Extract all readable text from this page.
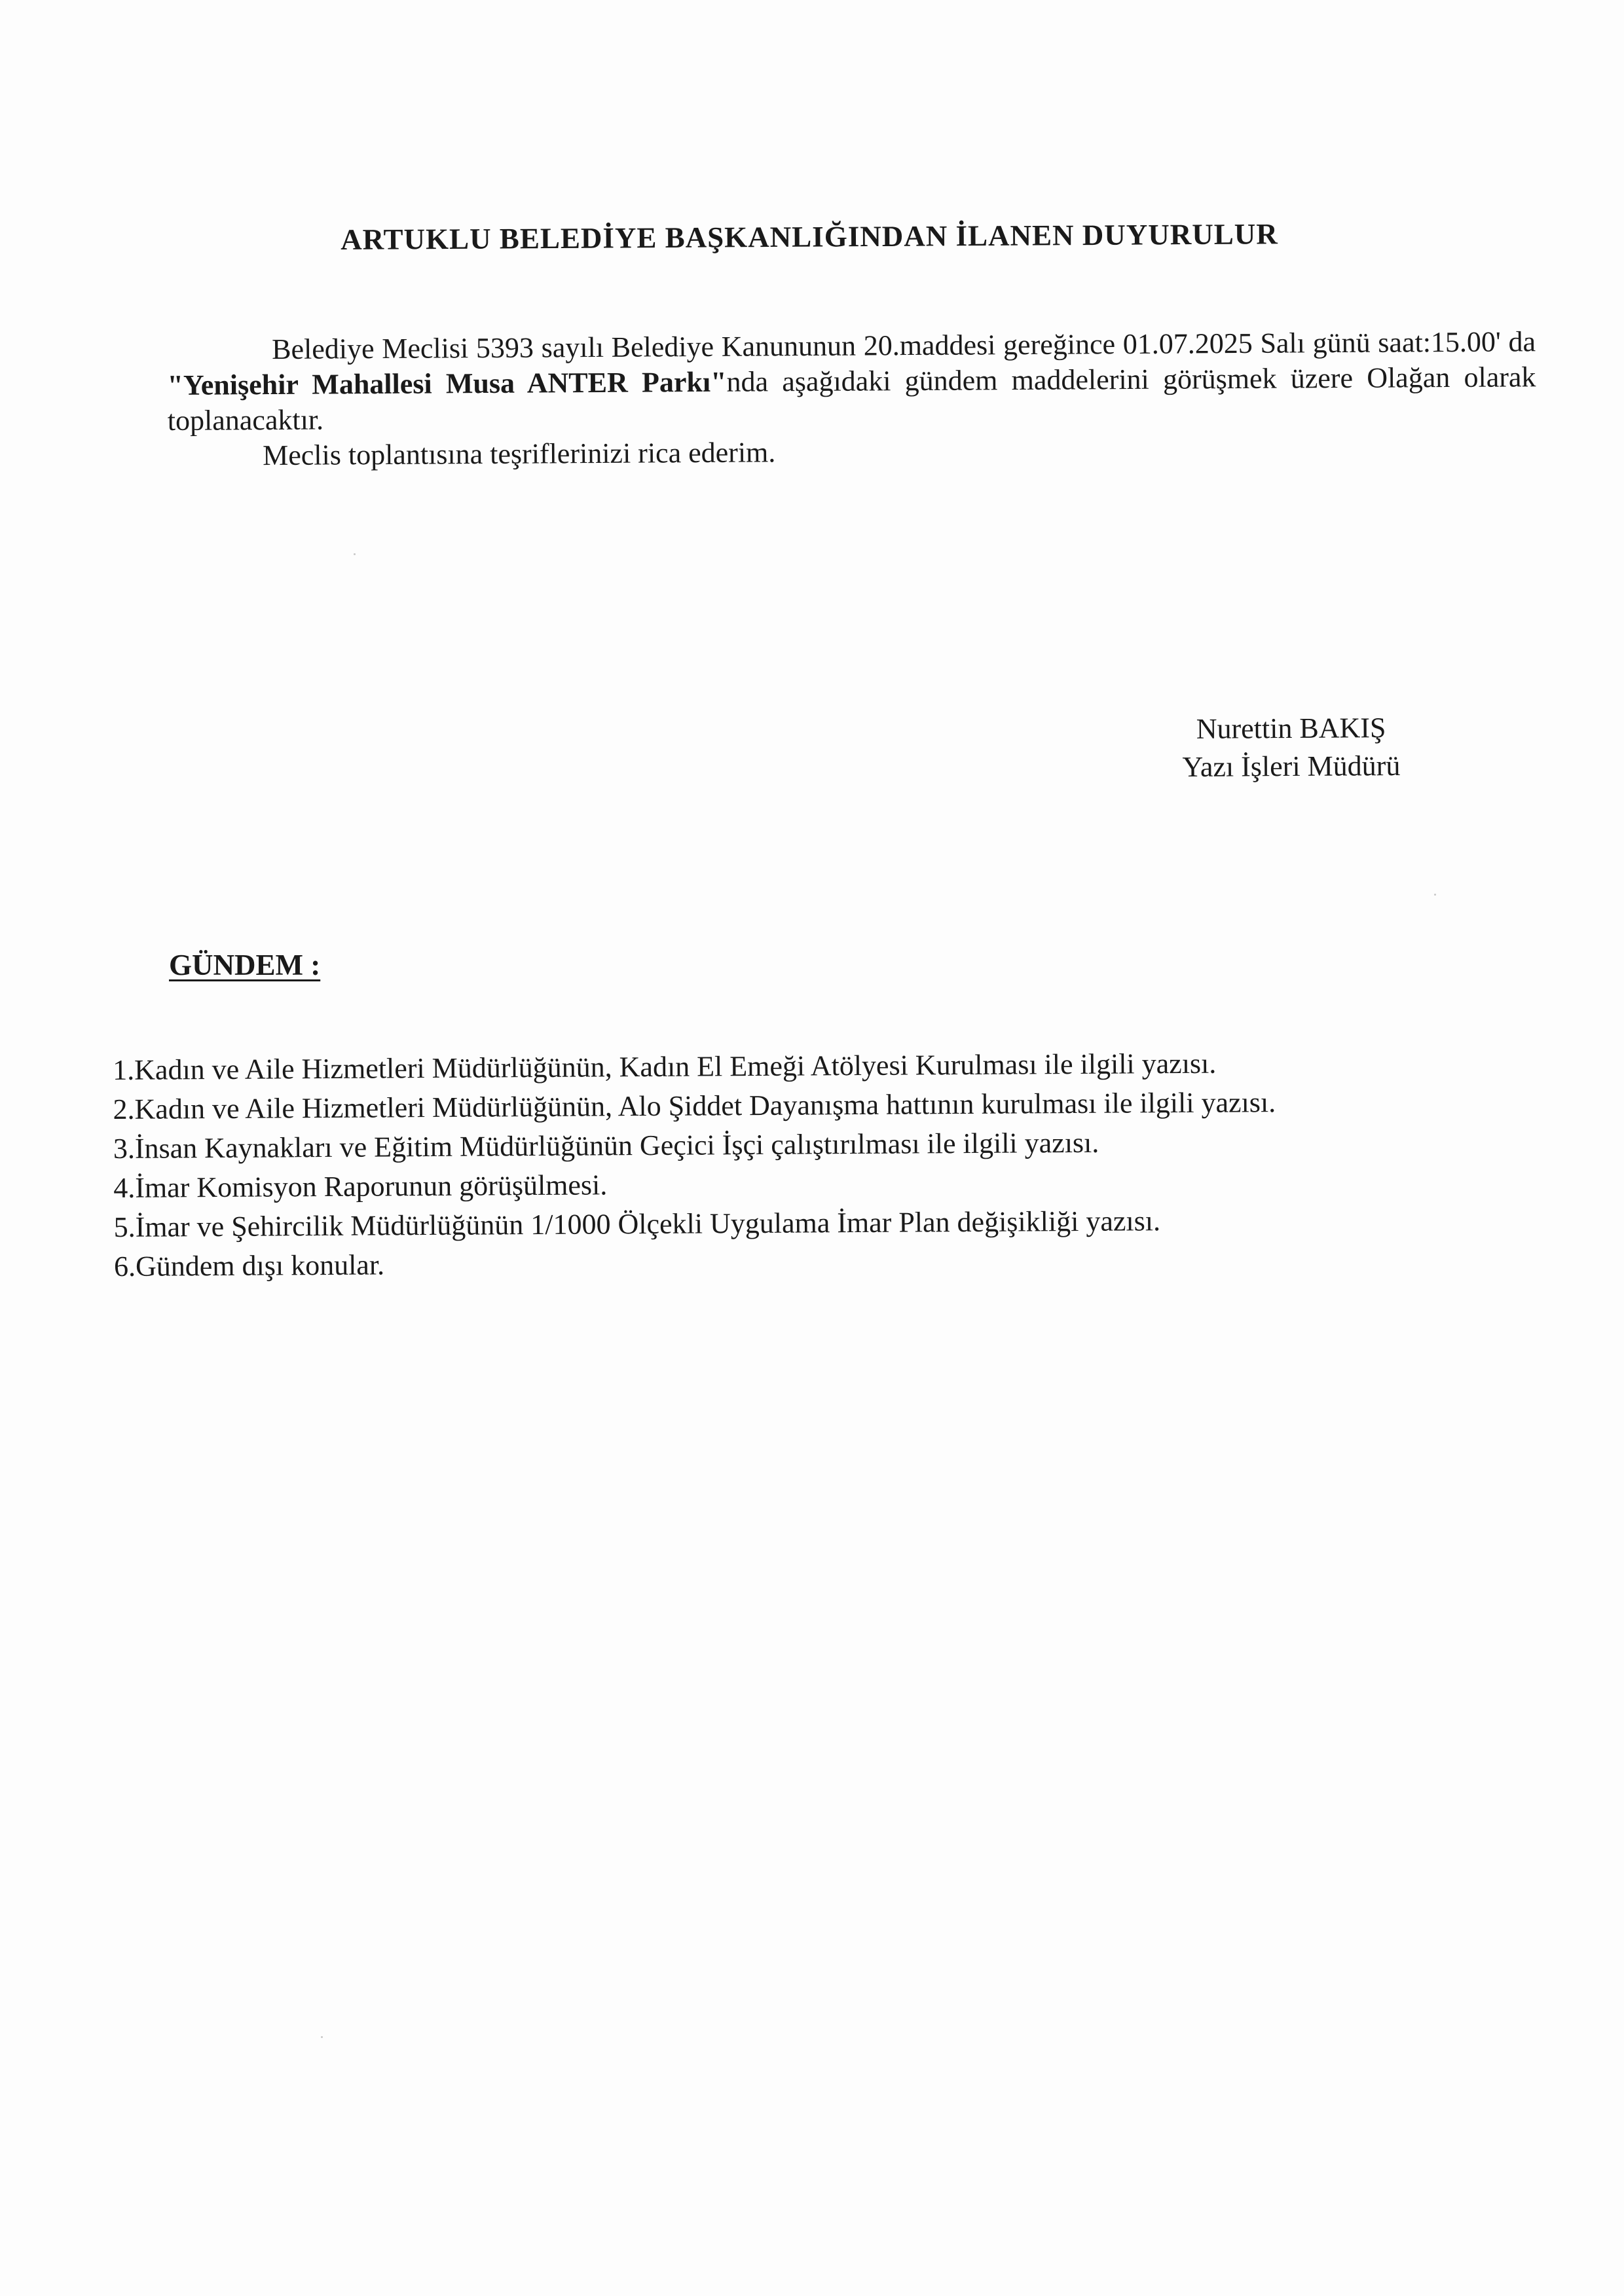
ARTUKLU BELEDİYE BAŞKANLIĞINDAN İLANEN DUYURULUR

Belediye Meclisi 5393 sayılı Belediye Kanununun 20.maddesi gereğince 01.07.2025 Salı günü saat:15.00' da "Yenişehir Mahallesi Musa ANTER Parkı"nda aşağıdaki gündem maddelerini görüşmek üzere Olağan olarak toplanacaktır.

Meclis toplantısına teşriflerinizi rica ederim.

Nurettin BAKIŞ
Yazı İşleri Müdürü
GÜNDEM :
1.Kadın ve Aile Hizmetleri Müdürlüğünün, Kadın El Emeği Atölyesi Kurulması ile ilgili yazısı.
2.Kadın ve Aile Hizmetleri Müdürlüğünün, Alo Şiddet Dayanışma hattının kurulması ile ilgili yazısı.
3.İnsan Kaynakları ve Eğitim Müdürlüğünün Geçici İşçi çalıştırılması ile ilgili yazısı.
4.İmar Komisyon Raporunun görüşülmesi.
5.İmar ve Şehircilik Müdürlüğünün 1/1000 Ölçekli Uygulama İmar Plan değişikliği yazısı.
6.Gündem dışı konular.
